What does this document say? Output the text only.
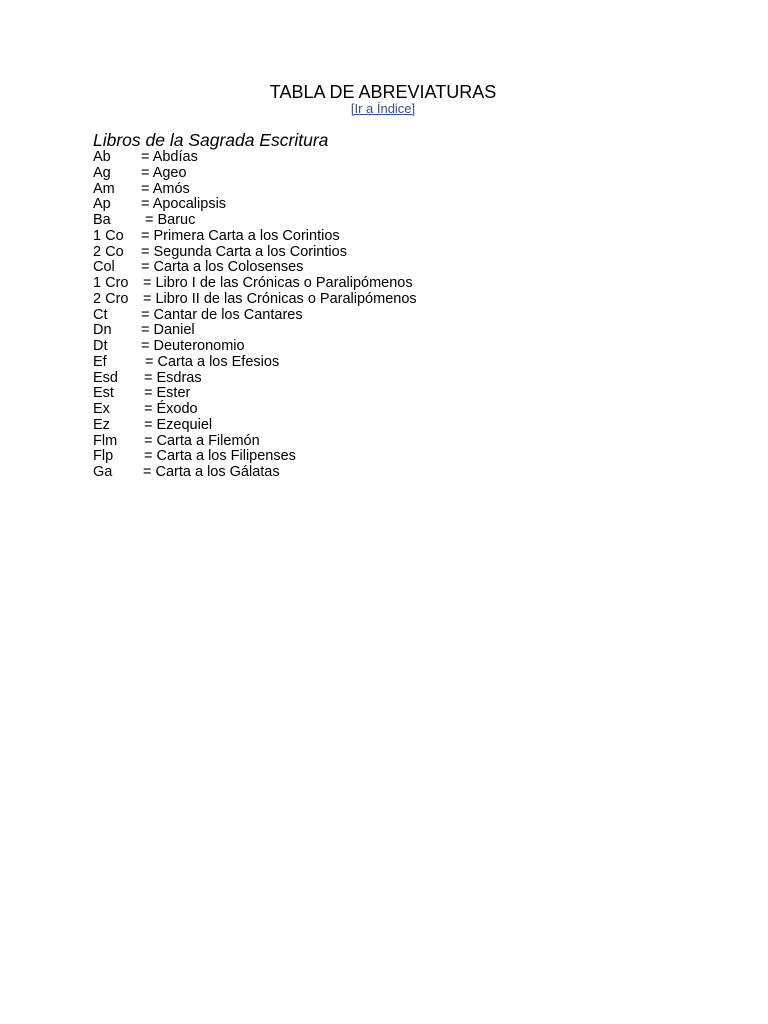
TABLA DE ABREVIATURAS
[Ir a Índice]
Libros de la Sagrada Escritura
Ab = Abdías
Ag = Ageo
Am = Amós
Ap = Apocalipsis
Ba = Baruc
1 Co = Primera Carta a los Corintios
2 Co = Segunda Carta a los Corintios
Col = Carta a los Colosenses
1 Cro = Libro I de las Crónicas o Paralipómenos
2 Cro = Libro II de las Crónicas o Paralipómenos
Ct = Cantar de los Cantares
Dn = Daniel
Dt = Deuteronomio
Ef	= Carta a los Efesios
Esd = Esdras
Est = Ester
Ex = Éxodo
Ez = Ezequiel
Flm = Carta a Filemón
Flp = Carta a los Filipenses
Ga = Carta a los Gálatas
